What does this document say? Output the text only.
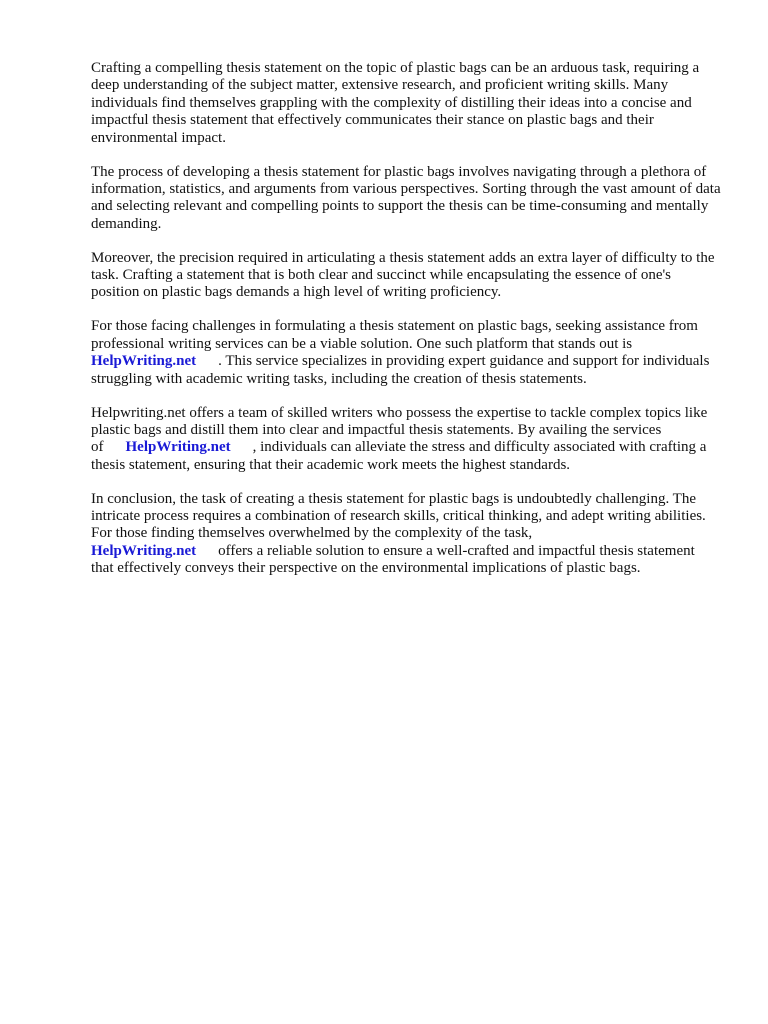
Crafting a compelling thesis statement on the topic of plastic bags can be an arduous task, requiring a deep understanding of the subject matter, extensive research, and proficient writing skills. Many individuals find themselves grappling with the complexity of distilling their ideas into a concise and impactful thesis statement that effectively communicates their stance on plastic bags and their environmental impact.

The process of developing a thesis statement for plastic bags involves navigating through a plethora of information, statistics, and arguments from various perspectives. Sorting through the vast amount of data and selecting relevant and compelling points to support the thesis can be time-consuming and mentally demanding.

Moreover, the precision required in articulating a thesis statement adds an extra layer of difficulty to the task. Crafting a statement that is both clear and succinct while encapsulating the essence of one's position on plastic bags demands a high level of writing proficiency.

For those facing challenges in formulating a thesis statement on plastic bags, seeking assistance from professional writing services can be a viable solution. One such platform that stands out is
HelpWriting.net . This service specializes in providing expert guidance and support for individuals struggling with academic writing tasks, including the creation of thesis statements.

Helpwriting.net offers a team of skilled writers who possess the expertise to tackle complex topics like plastic bags and distill them into clear and impactful thesis statements. By availing the services of HelpWriting.net , individuals can alleviate the stress and difficulty associated with crafting a thesis statement, ensuring that their academic work meets the highest standards.

In conclusion, the task of creating a thesis statement for plastic bags is undoubtedly challenging. The intricate process requires a combination of research skills, critical thinking, and adept writing abilities. For those finding themselves overwhelmed by the complexity of the task,
HelpWriting.net offers a reliable solution to ensure a well-crafted and impactful thesis statement that effectively conveys their perspective on the environmental implications of plastic bags.
